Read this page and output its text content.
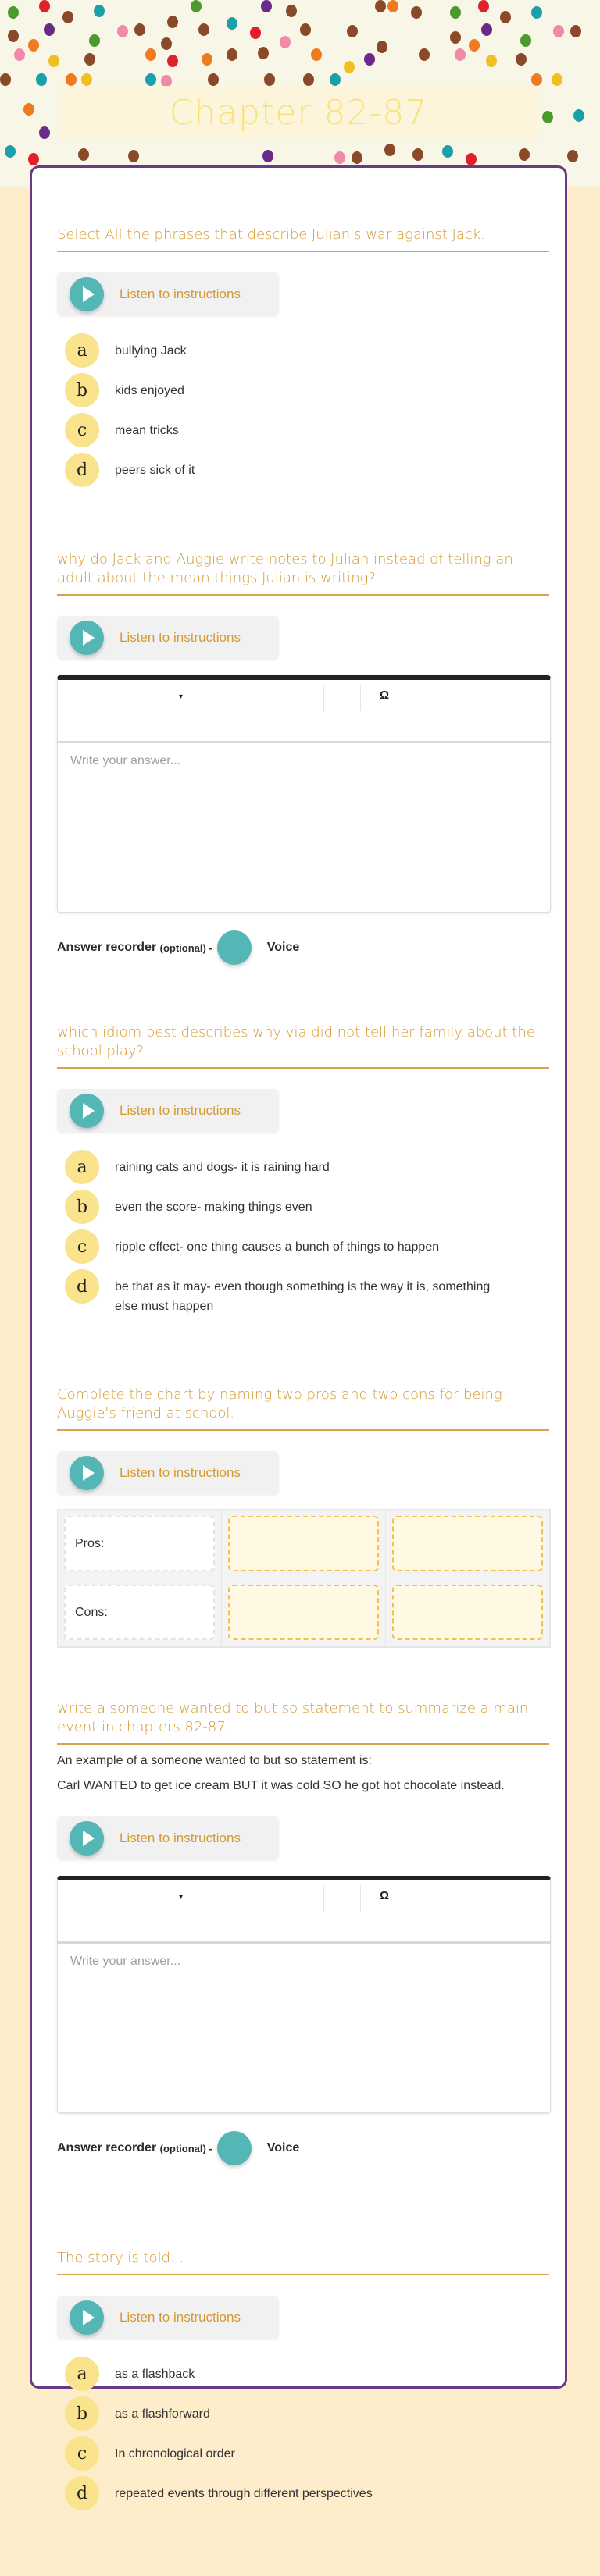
Chapter 82-87
Select All the phrases that describe Julian's war against Jack.
Listen to instructions
a	bullying Jack
b	kids enjoyed
c	mean tricks
d	peers sick of it
why do Jack and Auggie write notes to Julian instead of telling an adult about the mean things Julian is writing?
Listen to instructions
▾	Ω
Write your answer...
Answer recorder
(optional) -	Voice
which idiom best describes why via did not tell her family about the school play?
Listen to instructions
a	raining cats and dogs- it is raining hard
b	even the score- making things even
c	ripple effect- one thing causes a bunch of things to happen
d	be that as it may- even though something is the way it is, something else must happen
Complete the chart by naming two pros and two cons for being Auggie's friend at school.
Listen to instructions
Pros:
Cons:
write a someone wanted to but so statement to summarize a main event in chapters 82-87.
An example of a someone wanted to but so statement is:
Carl WANTED to get ice cream BUT it was cold SO he got hot chocolate instead.
Listen to instructions
▾	Ω
Write your answer...
Answer recorder
(optional) -	Voice
The story is told...
Listen to instructions
a	as a flashback
b	as a flashforward
c	In chronological order
d	repeated events through different perspectives
